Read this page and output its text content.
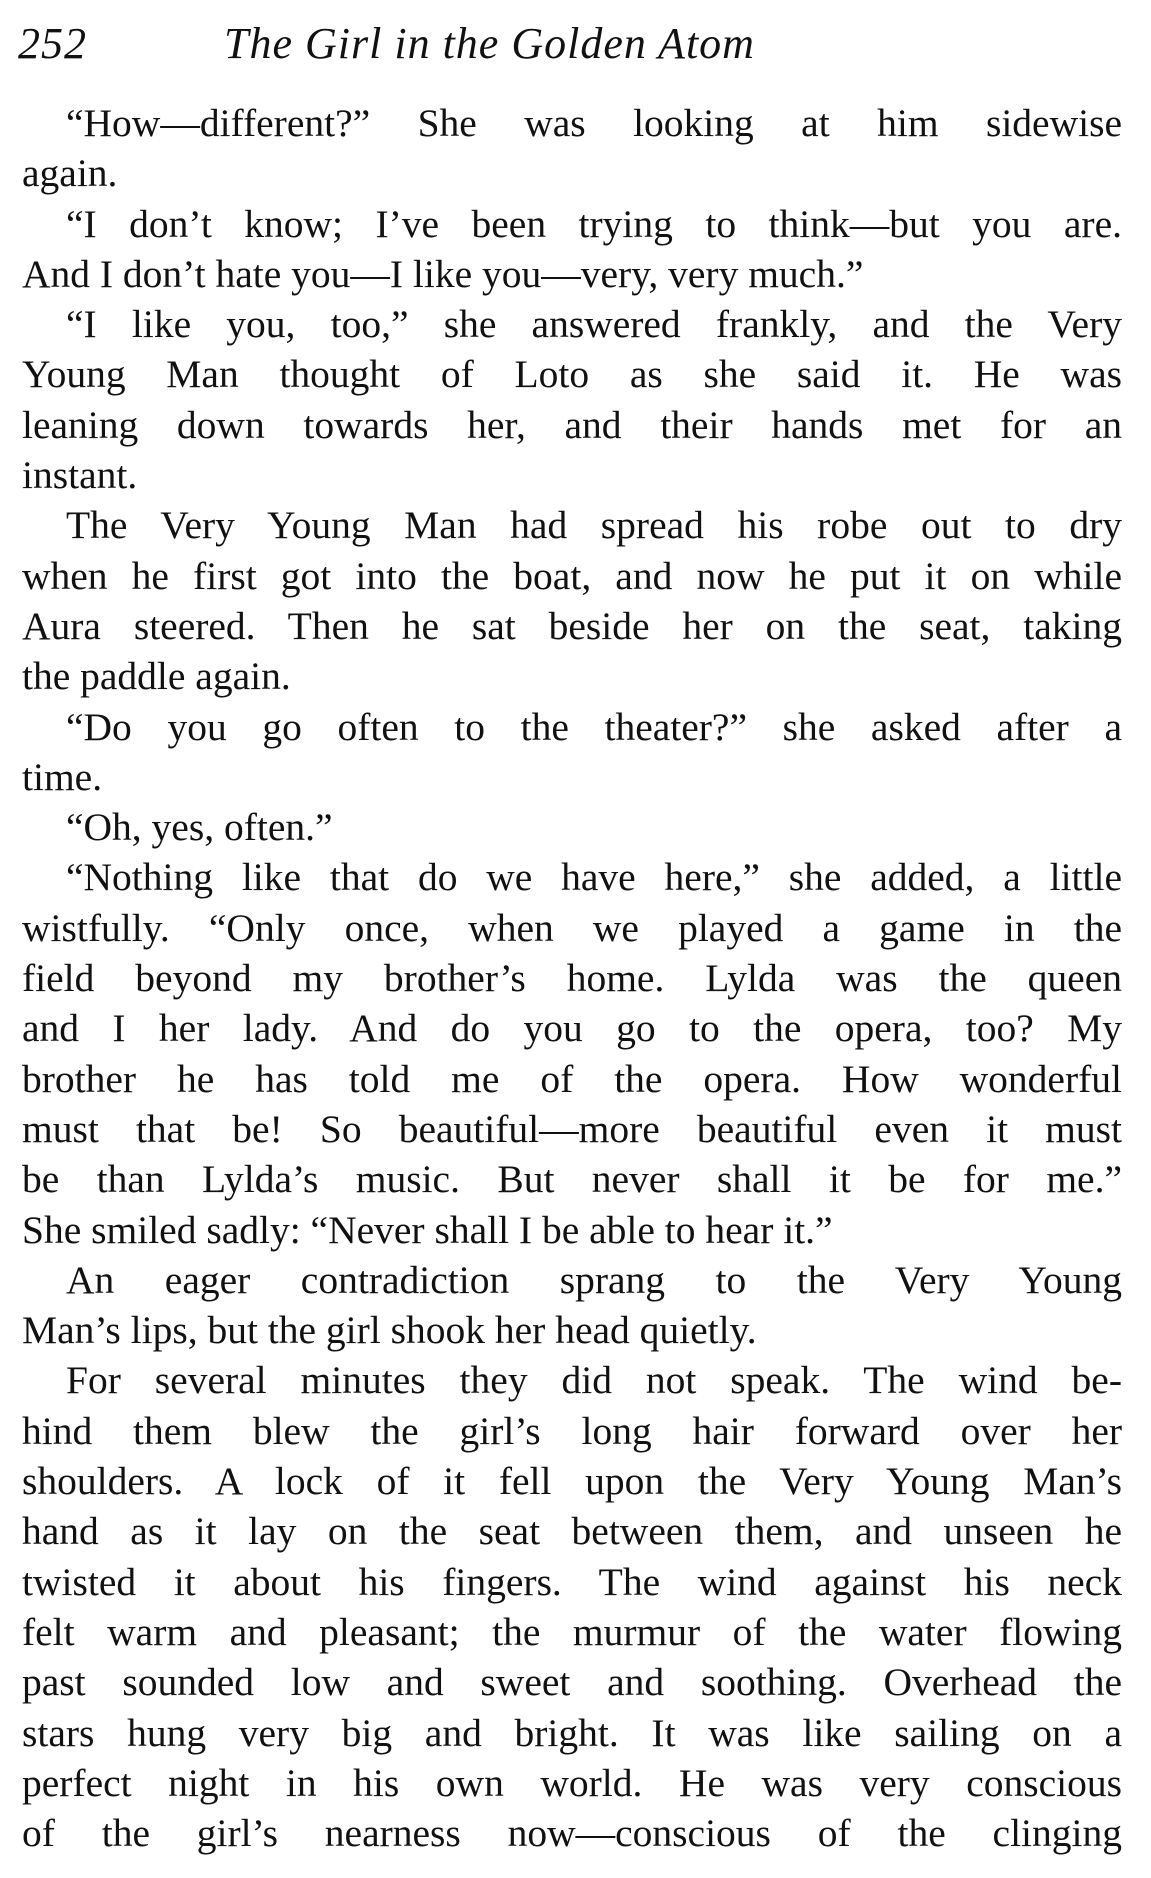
252	The Girl in the Golden Atom
“How—different?” She was looking at him sidewise
again.
“I don’t know; I’ve been trying to think—but you are.
And I don’t hate you—I like you—very, very much.”
“I like you, too,” she answered frankly, and the Very
Young Man thought of Loto as she said it. He was
leaning down towards her, and their hands met for an
instant.
The Very Young Man had spread his robe out to dry
when he first got into the boat, and now he put it on while
Aura steered. Then he sat beside her on the seat, taking
the paddle again.
“Do you go often to the theater?” she asked after a
time.
“Oh, yes, often.”
“Nothing like that do we have here,” she added, a little
wistfully. “Only once, when we played a game in the
field beyond my brother’s home. Lylda was the queen
and I her lady. And do you go to the opera, too? My
brother he has told me of the opera. How wonderful
must that be! So beautiful—more beautiful even it must
be than Lylda’s music. But never shall it be for me.”
She smiled sadly: “Never shall I be able to hear it.”
An eager contradiction sprang to the Very Young
Man’s lips, but the girl shook her head quietly.
For several minutes they did not speak. The wind be-
hind them blew the girl’s long hair forward over her
shoulders. A lock of it fell upon the Very Young Man’s
hand as it lay on the seat between them, and unseen he
twisted it about his fingers. The wind against his neck
felt warm and pleasant; the murmur of the water flowing
past sounded low and sweet and soothing. Overhead the
stars hung very big and bright. It was like sailing on a
perfect night in his own world. He was very conscious
of the girl’s nearness now—conscious of the clinging
